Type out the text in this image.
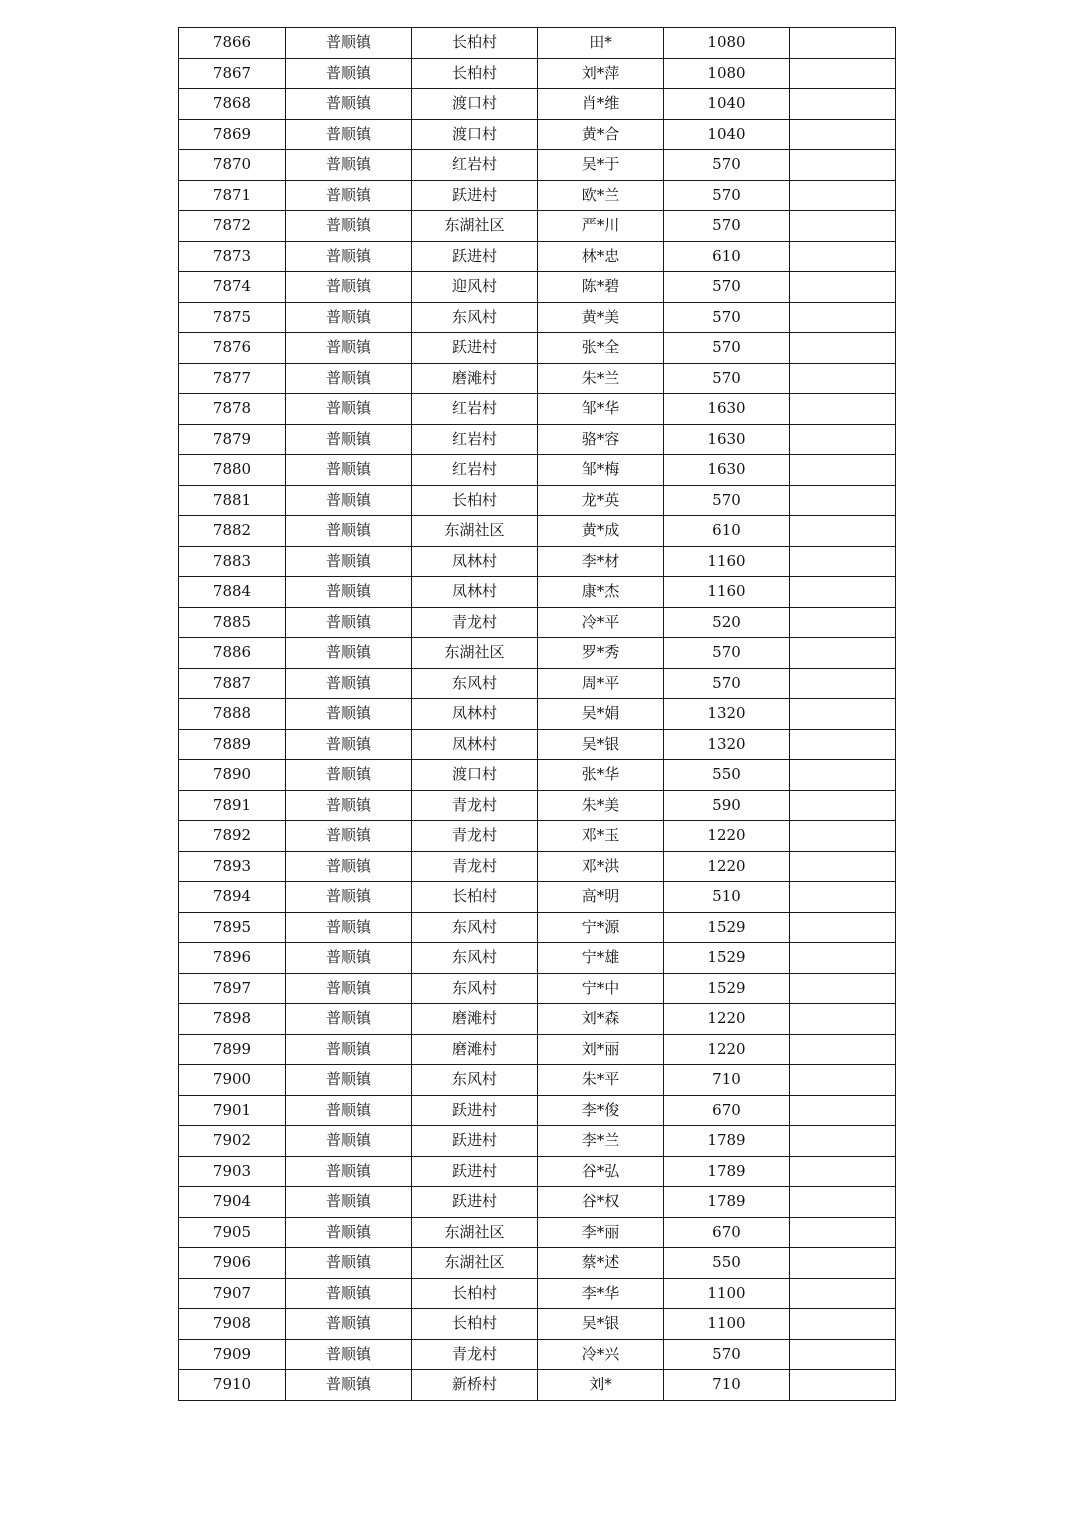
7866	普顺镇	长柏村	田*	1080	
7867	普顺镇	长柏村	刘*萍	1080	
7868	普顺镇	渡口村	肖*维	1040	
7869	普顺镇	渡口村	黄*合	1040	
7870	普顺镇	红岩村	吴*于	570	
7871	普顺镇	跃进村	欧*兰	570	
7872	普顺镇	东湖社区	严*川	570	
7873	普顺镇	跃进村	林*忠	610	
7874	普顺镇	迎风村	陈*碧	570	
7875	普顺镇	东风村	黄*美	570	
7876	普顺镇	跃进村	张*全	570	
7877	普顺镇	磨滩村	朱*兰	570	
7878	普顺镇	红岩村	邹*华	1630	
7879	普顺镇	红岩村	骆*容	1630	
7880	普顺镇	红岩村	邹*梅	1630	
7881	普顺镇	长柏村	龙*英	570	
7882	普顺镇	东湖社区	黄*成	610	
7883	普顺镇	凤林村	李*材	1160	
7884	普顺镇	凤林村	康*杰	1160	
7885	普顺镇	青龙村	冷*平	520	
7886	普顺镇	东湖社区	罗*秀	570	
7887	普顺镇	东风村	周*平	570	
7888	普顺镇	凤林村	吴*娟	1320	
7889	普顺镇	凤林村	吴*银	1320	
7890	普顺镇	渡口村	张*华	550	
7891	普顺镇	青龙村	朱*美	590	
7892	普顺镇	青龙村	邓*玉	1220	
7893	普顺镇	青龙村	邓*洪	1220	
7894	普顺镇	长柏村	高*明	510	
7895	普顺镇	东风村	宁*源	1529	
7896	普顺镇	东风村	宁*雄	1529	
7897	普顺镇	东风村	宁*中	1529	
7898	普顺镇	磨滩村	刘*森	1220	
7899	普顺镇	磨滩村	刘*丽	1220	
7900	普顺镇	东风村	朱*平	710	
7901	普顺镇	跃进村	李*俊	670	
7902	普顺镇	跃进村	李*兰	1789	
7903	普顺镇	跃进村	谷*弘	1789	
7904	普顺镇	跃进村	谷*权	1789	
7905	普顺镇	东湖社区	李*丽	670	
7906	普顺镇	东湖社区	蔡*述	550	
7907	普顺镇	长柏村	李*华	1100	
7908	普顺镇	长柏村	吴*银	1100	
7909	普顺镇	青龙村	冷*兴	570	
7910	普顺镇	新桥村	刘*	710	
